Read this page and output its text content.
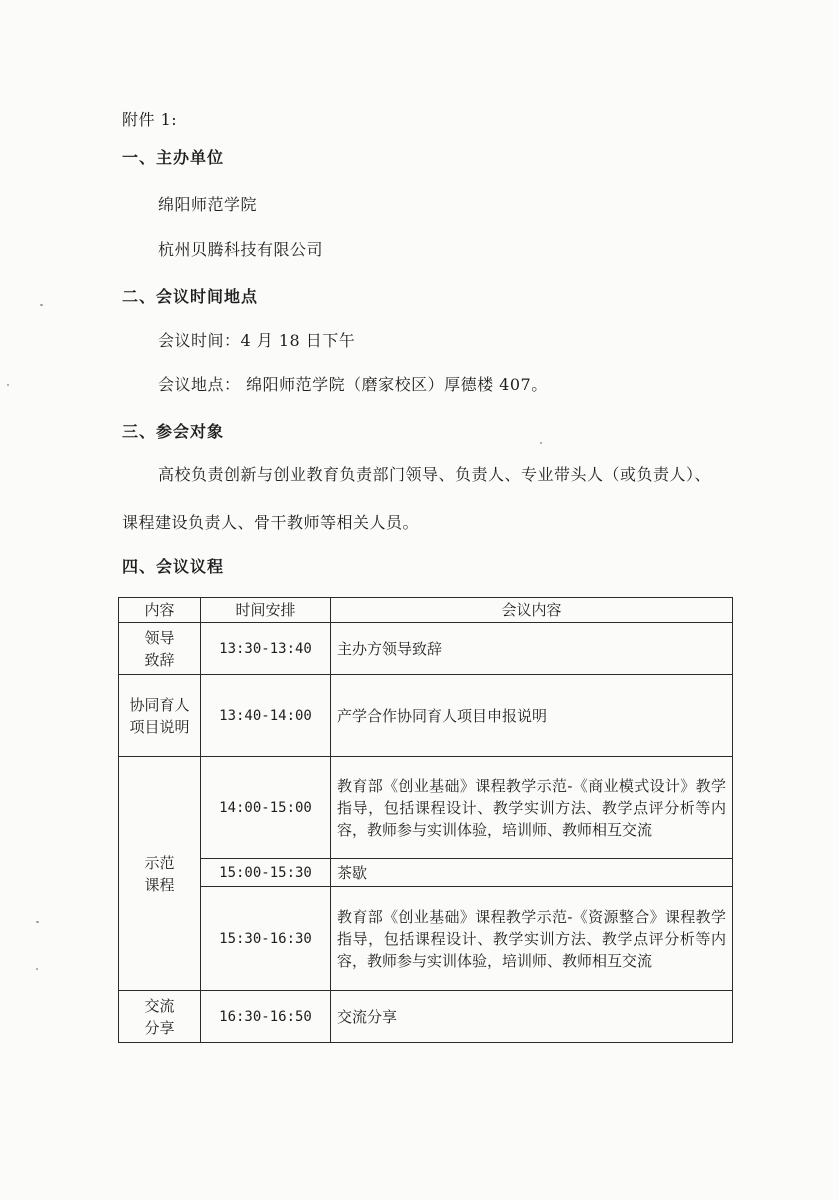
附件 1:
一、主办单位
绵阳师范学院
杭州贝腾科技有限公司
二、会议时间地点
会议时间：4 月 18 日下午
会议地点： 绵阳师范学院（磨家校区）厚德楼 407。
三、参会对象
高校负责创新与创业教育负责部门领导、负责人、专业带头人（或负责人）、
课程建设负责人、骨干教师等相关人员。
四、会议议程
内容	时间安排	会议内容

领导致辞	13:30-13:40	主办方领导致辞

协同育人项目说明	13:40-14:00	产学合作协同育人项目申报说明

示范课程	14:00-15:00	教育部《创业基础》课程教学示范-《商业模式设计》教学指导，包括课程设计、教学实训方法、教学点评分析等内容，教师参与实训体验，培训师、教师相互交流
	15:00-15:30	茶歇
	15:30-16:30	教育部《创业基础》课程教学示范-《资源整合》课程教学指导，包括课程设计、教学实训方法、教学点评分析等内容，教师参与实训体验，培训师、教师相互交流

交流分享	16:30-16:50	交流分享
